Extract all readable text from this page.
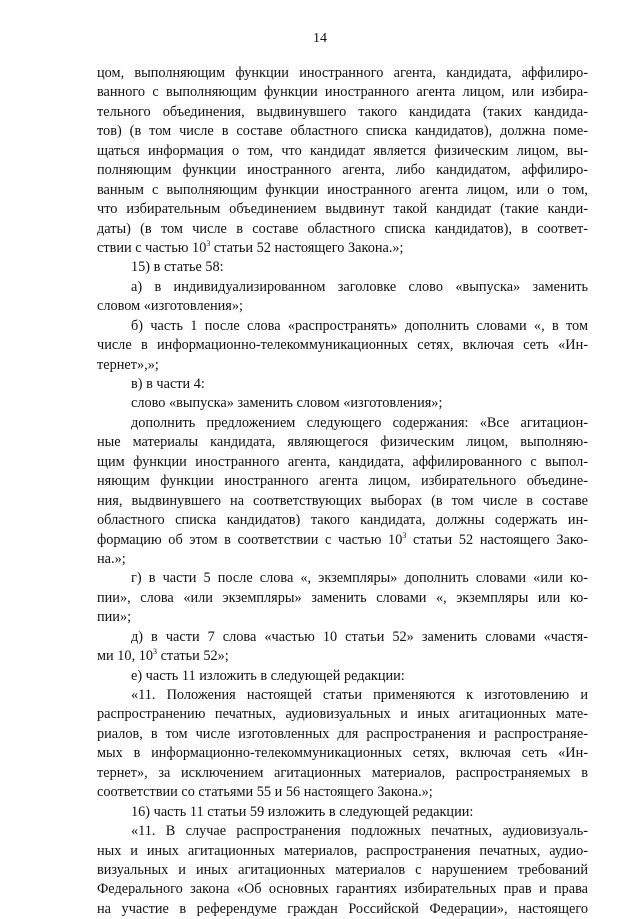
14
цом, выполняющим функции иностранного агента, кандидата, аффилиро-
ванного с выполняющим функции иностранного агента лицом, или избира-
тельного объединения, выдвинувшего такого кандидата (таких кандида-
тов) (в том числе в составе областного списка кандидатов), должна поме-
щаться информация о том, что кандидат является физическим лицом, вы-
полняющим функции иностранного агента, либо кандидатом, аффилиро-
ванным с выполняющим функции иностранного агента лицом, или о том,
что избирательным объединением выдвинут такой кандидат (такие канди-
даты) (в том числе в составе областного списка кандидатов), в соответ-
ствии с частью $10^3$ статьи 52 настоящего Закона.»;
15) в статье 58:
а) в индивидуализированном заголовке слово «выпуска» заменить
словом «изготовления»;
б) часть 1 после слова «распространять» дополнить словами «, в том
числе в информационно-телекоммуникационных сетях, включая сеть «Ин-
тернет»,»;
в) в части 4:
слово «выпуска» заменить словом «изготовления»;
дополнить предложением следующего содержания: «Все агитацион-
ные материалы кандидата, являющегося физическим лицом, выполняю-
щим функции иностранного агента, кандидата, аффилированного с выпол-
няющим функции иностранного агента лицом, избирательного объедине-
ния, выдвинувшего на соответствующих выборах (в том числе в составе
областного списка кандидатов) такого кандидата, должны содержать ин-
формацию об этом в соответствии с частью $10^3$ статьи 52 настоящего Зако-
на.»;
г) в части 5 после слова «, экземпляры» дополнить словами «или ко-
пии», слова «или экземпляры» заменить словами «, экземпляры или ко-
пии»;
д) в части 7 слова «частью 10 статьи 52» заменить словами «частя-
ми 10, $10^3$ статьи 52»;
е) часть 11 изложить в следующей редакции:
«11. Положения настоящей статьи применяются к изготовлению и
распространению печатных, аудиовизуальных и иных агитационных мате-
риалов, в том числе изготовленных для распространения и распространяе-
мых в информационно-телекоммуникационных сетях, включая сеть «Ин-
тернет», за исключением агитационных материалов, распространяемых в
соответствии со статьями 55 и 56 настоящего Закона.»;
16) часть 11 статьи 59 изложить в следующей редакции:
«11. В случае распространения подложных печатных, аудиовизуаль-
ных и иных агитационных материалов, распространения печатных, аудио-
визуальных и иных агитационных материалов с нарушением требований
Федерального закона «Об основных гарантиях избирательных прав и права
на участие в референдуме граждан Российской Федерации», настоящего
